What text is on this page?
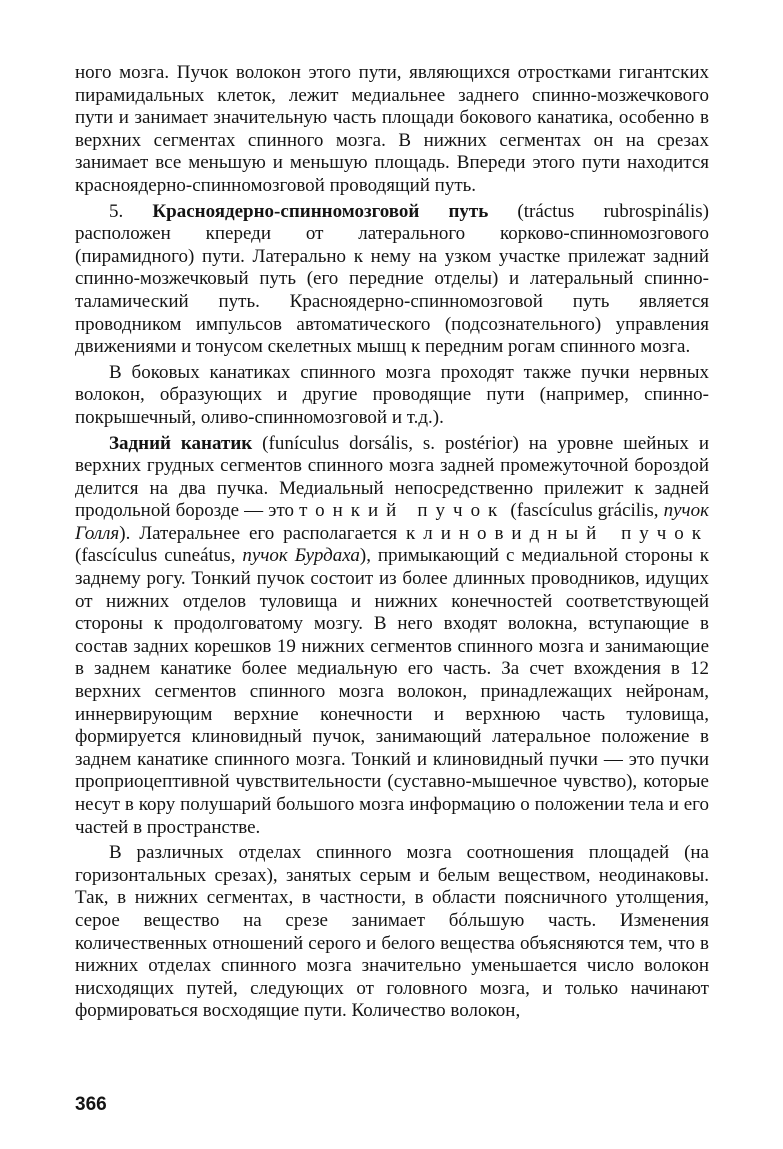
ного мозга. Пучок волокон этого пути, являющихся отростками гигантских пирамидальных клеток, лежит медиальнее заднего спинно-мозжечкового пути и занимает значительную часть площади бокового канатика, особенно в верхних сегментах спинного мозга. В нижних сегментах он на срезах занимает все меньшую и меньшую площадь. Впереди этого пути находится красноядерно-спинномозговой проводящий путь.

5. Красноядерно-спинномозговой путь (tráctus rubrospinális) расположен кпереди от латерального корково-спинномозгового (пирамидного) пути. Латерально к нему на узком участке прилежат задний спинно-мозжечковый путь (его передние отделы) и латеральный спинно-таламический путь. Красноядерно-спинномозговой путь является проводником импульсов автоматического (подсознательного) управления движениями и тонусом скелетных мышц к передним рогам спинного мозга.

В боковых канатиках спинного мозга проходят также пучки нервных волокон, образующих и другие проводящие пути (например, спинно-покрышечный, оливо-спинномозговой и т.д.).

Задний канатик (funículus dorsális, s. postérior) на уровне шейных и верхних грудных сегментов спинного мозга задней промежуточной бороздой делится на два пучка. Медиальный непосредственно прилежит к задней продольной борозде — это тонкий пучок (fascículus grácilis, пучок Голля). Латеральнее его располагается клиновидный пучок (fascículus cuneátus, пучок Бурдаха), примыкающий с медиальной стороны к заднему рогу. Тонкий пучок состоит из более длинных проводников, идущих от нижних отделов туловища и нижних конечностей соответствующей стороны к продолговатому мозгу. В него входят волокна, вступающие в состав задних корешков 19 нижних сегментов спинного мозга и занимающие в заднем канатике более медиальную его часть. За счет вхождения в 12 верхних сегментов спинного мозга волокон, принадлежащих нейронам, иннервирующим верхние конечности и верхнюю часть туловища, формируется клиновидный пучок, занимающий латеральное положение в заднем канатике спинного мозга. Тонкий и клиновидный пучки — это пучки проприоцептивной чувствительности (суставно-мышечное чувство), которые несут в кору полушарий большого мозга информацию о положении тела и его частей в пространстве.

В различных отделах спинного мозга соотношения площадей (на горизонтальных срезах), занятых серым и белым веществом, неодинаковы. Так, в нижних сегментах, в частности, в области поясничного утолщения, серое вещество на срезе занимает бóльшую часть. Изменения количественных отношений серого и белого вещества объясняются тем, что в нижних отделах спинного мозга значительно уменьшается число волокон нисходящих путей, следующих от головного мозга, и только начинают формироваться восходящие пути. Количество волокон,

366
